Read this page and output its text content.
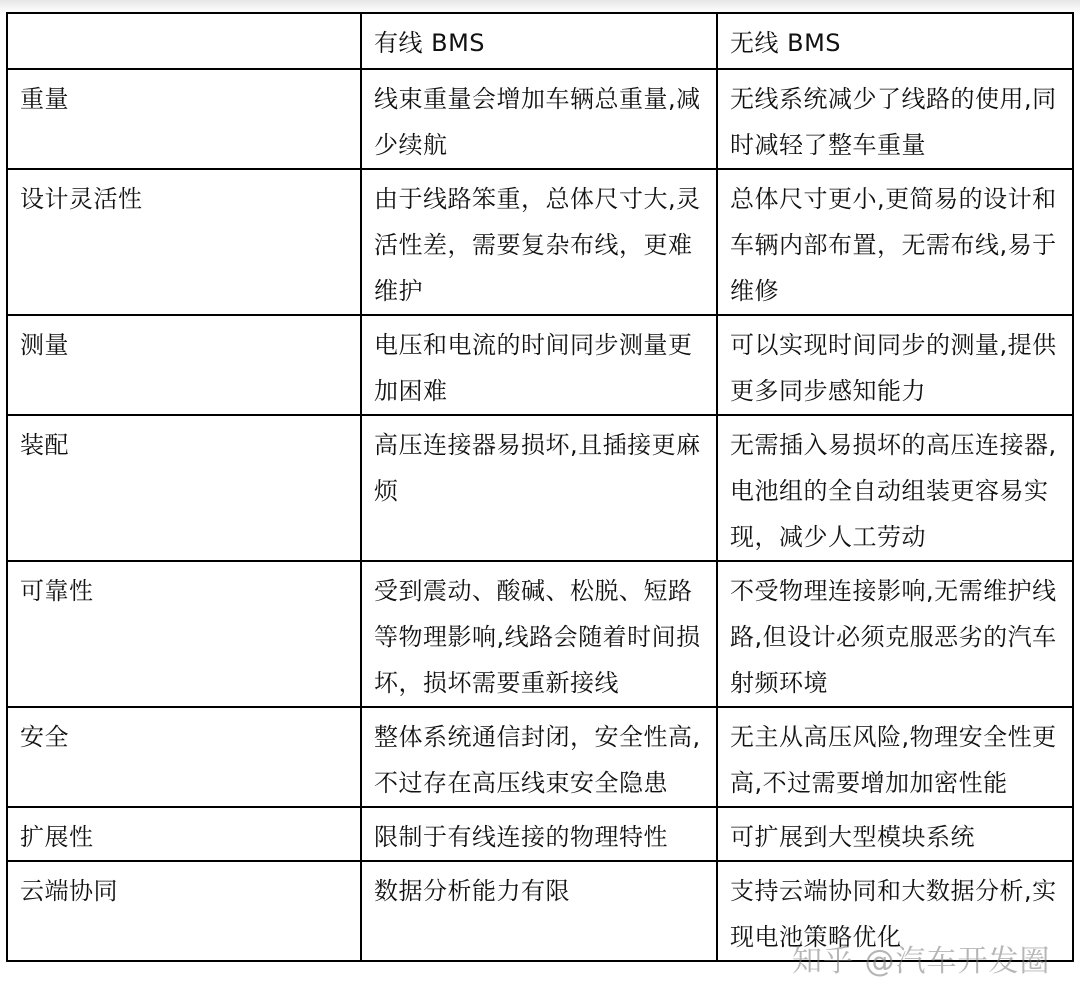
	有线 BMS	无线 BMS
重量	线束重量会增加车辆总重量,减少续航	无线系统减少了线路的使用,同时减轻了整车重量
设计灵活性	由于线路笨重，总体尺寸大,灵活性差，需要复杂布线，更难维护	总体尺寸更小,更简易的设计和车辆内部布置，无需布线,易于维修
测量	电压和电流的时间同步测量更加困难	可以实现时间同步的测量,提供更多同步感知能力
装配	高压连接器易损坏,且插接更麻烦	无需插入易损坏的高压连接器,电池组的全自动组装更容易实现，减少人工劳动
可靠性	受到震动、酸碱、松脱、短路等物理影响,线路会随着时间损坏，损坏需要重新接线	不受物理连接影响,无需维护线路,但设计必须克服恶劣的汽车射频环境
安全	整体系统通信封闭，安全性高,不过存在高压线束安全隐患	无主从高压风险,物理安全性更高,不过需要增加加密性能
扩展性	限制于有线连接的物理特性	可扩展到大型模块系统
云端协同	数据分析能力有限	支持云端协同和大数据分析,实现电池策略优化
知乎 @汽车开发圈
